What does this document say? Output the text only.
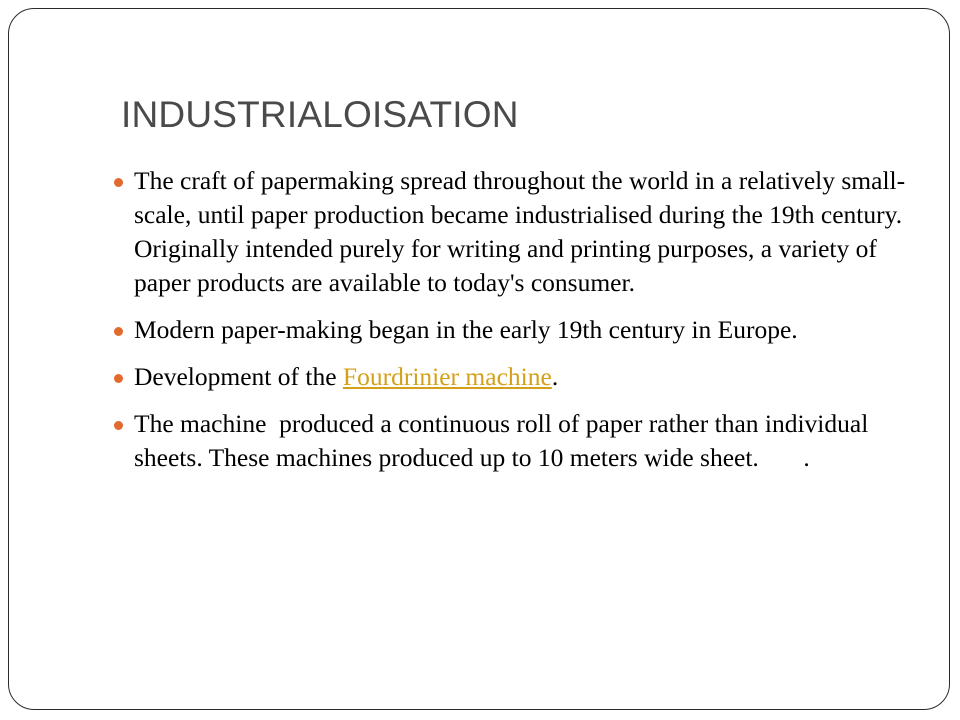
INDUSTRIALOISATION
The craft of papermaking spread throughout the world in a relatively small-scale, until paper production became industrialised during the 19th century. Originally intended purely for writing and printing purposes, a variety of paper products are available to today's consumer.
Modern paper-making began in the early 19th century in Europe.
Development of the Fourdrinier machine.
The machine  produced a continuous roll of paper rather than individual sheets. These machines produced up to 10 meters wide sheet.       .
